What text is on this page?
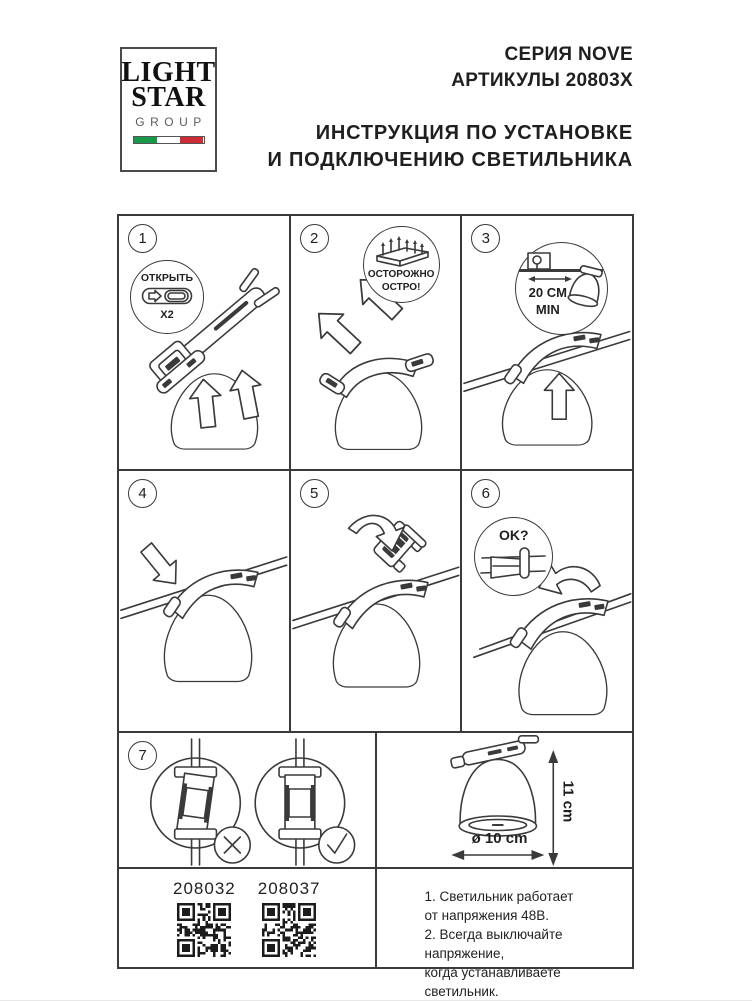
LIGHT
STAR
GROUP
СЕРИЯ NOVE
АРТИКУЛЫ 20803X
ИНСТРУКЦИЯ ПО УСТАНОВКЕ
И ПОДКЛЮЧЕНИЮ СВЕТИЛЬНИКА
1
ОТКРЫТЬ
X2
2
ОСТОРОЖНО
ОСТРО!
3
20 CM
MIN
4	5	6
OK?
7
11 cm
ø 10 cm
208032 208037	1. Светильник работает
от напряжения 48В.
2. Всегда выключайте напряжение,
когда устанавливаете светильник.
